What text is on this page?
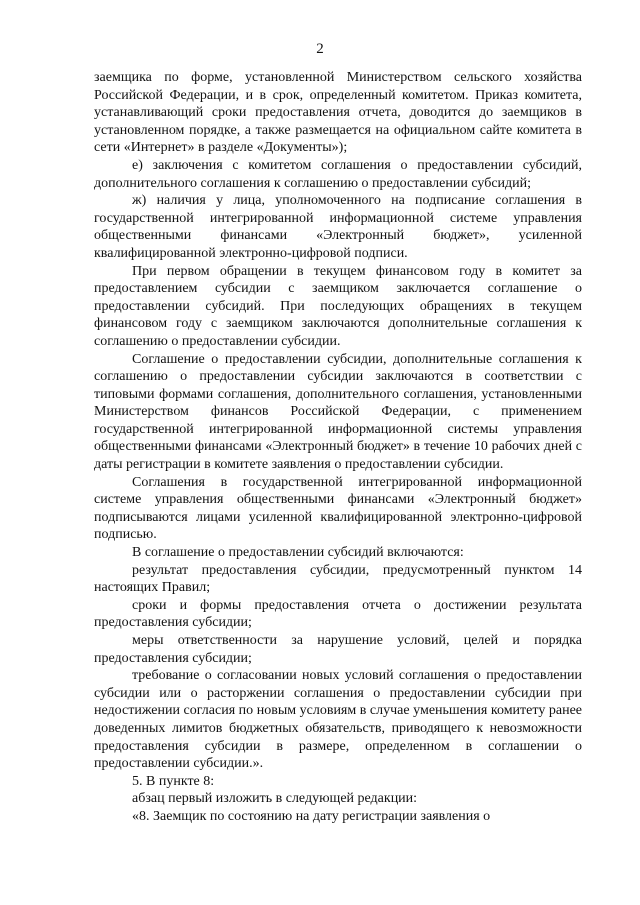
2

заемщика по форме, установленной Министерством сельского хозяйства Российской Федерации, и в срок, определенный комитетом. Приказ комитета, устанавливающий сроки предоставления отчета, доводится до заемщиков в установленном порядке, а также размещается на официальном сайте комитета в сети «Интернет» в разделе «Документы»);

е) заключения с комитетом соглашения о предоставлении субсидий, дополнительного соглашения к соглашению о предоставлении субсидий;

ж) наличия у лица, уполномоченного на подписание соглашения в государственной интегрированной информационной системе управления общественными финансами «Электронный бюджет», усиленной квалифицированной электронно-цифровой подписи.

При первом обращении в текущем финансовом году в комитет за предоставлением субсидии с заемщиком заключается соглашение о предоставлении субсидий. При последующих обращениях в текущем финансовом году с заемщиком заключаются дополнительные соглашения к соглашению о предоставлении субсидии.

Соглашение о предоставлении субсидии, дополнительные соглашения к соглашению о предоставлении субсидии заключаются в соответствии с типовыми формами соглашения, дополнительного соглашения, установленными Министерством финансов Российской Федерации, с применением государственной интегрированной информационной системы управления общественными финансами «Электронный бюджет» в течение 10 рабочих дней с даты регистрации в комитете заявления о предоставлении субсидии.

Соглашения в государственной интегрированной информационной системе управления общественными финансами «Электронный бюджет» подписываются лицами усиленной квалифицированной электронно-цифровой подписью.

В соглашение о предоставлении субсидий включаются:

результат предоставления субсидии, предусмотренный пунктом 14 настоящих Правил;

сроки и формы предоставления отчета о достижении результата предоставления субсидии;

меры ответственности за нарушение условий, целей и порядка предоставления субсидии;

требование о согласовании новых условий соглашения о предоставлении субсидии или о расторжении соглашения о предоставлении субсидии при недостижении согласия по новым условиям в случае уменьшения комитету ранее доведенных лимитов бюджетных обязательств, приводящего к невозможности предоставления субсидии в размере, определенном в соглашении о предоставлении субсидии.».

5. В пункте 8:

абзац первый изложить в следующей редакции:

«8. Заемщик по состоянию на дату регистрации заявления о
